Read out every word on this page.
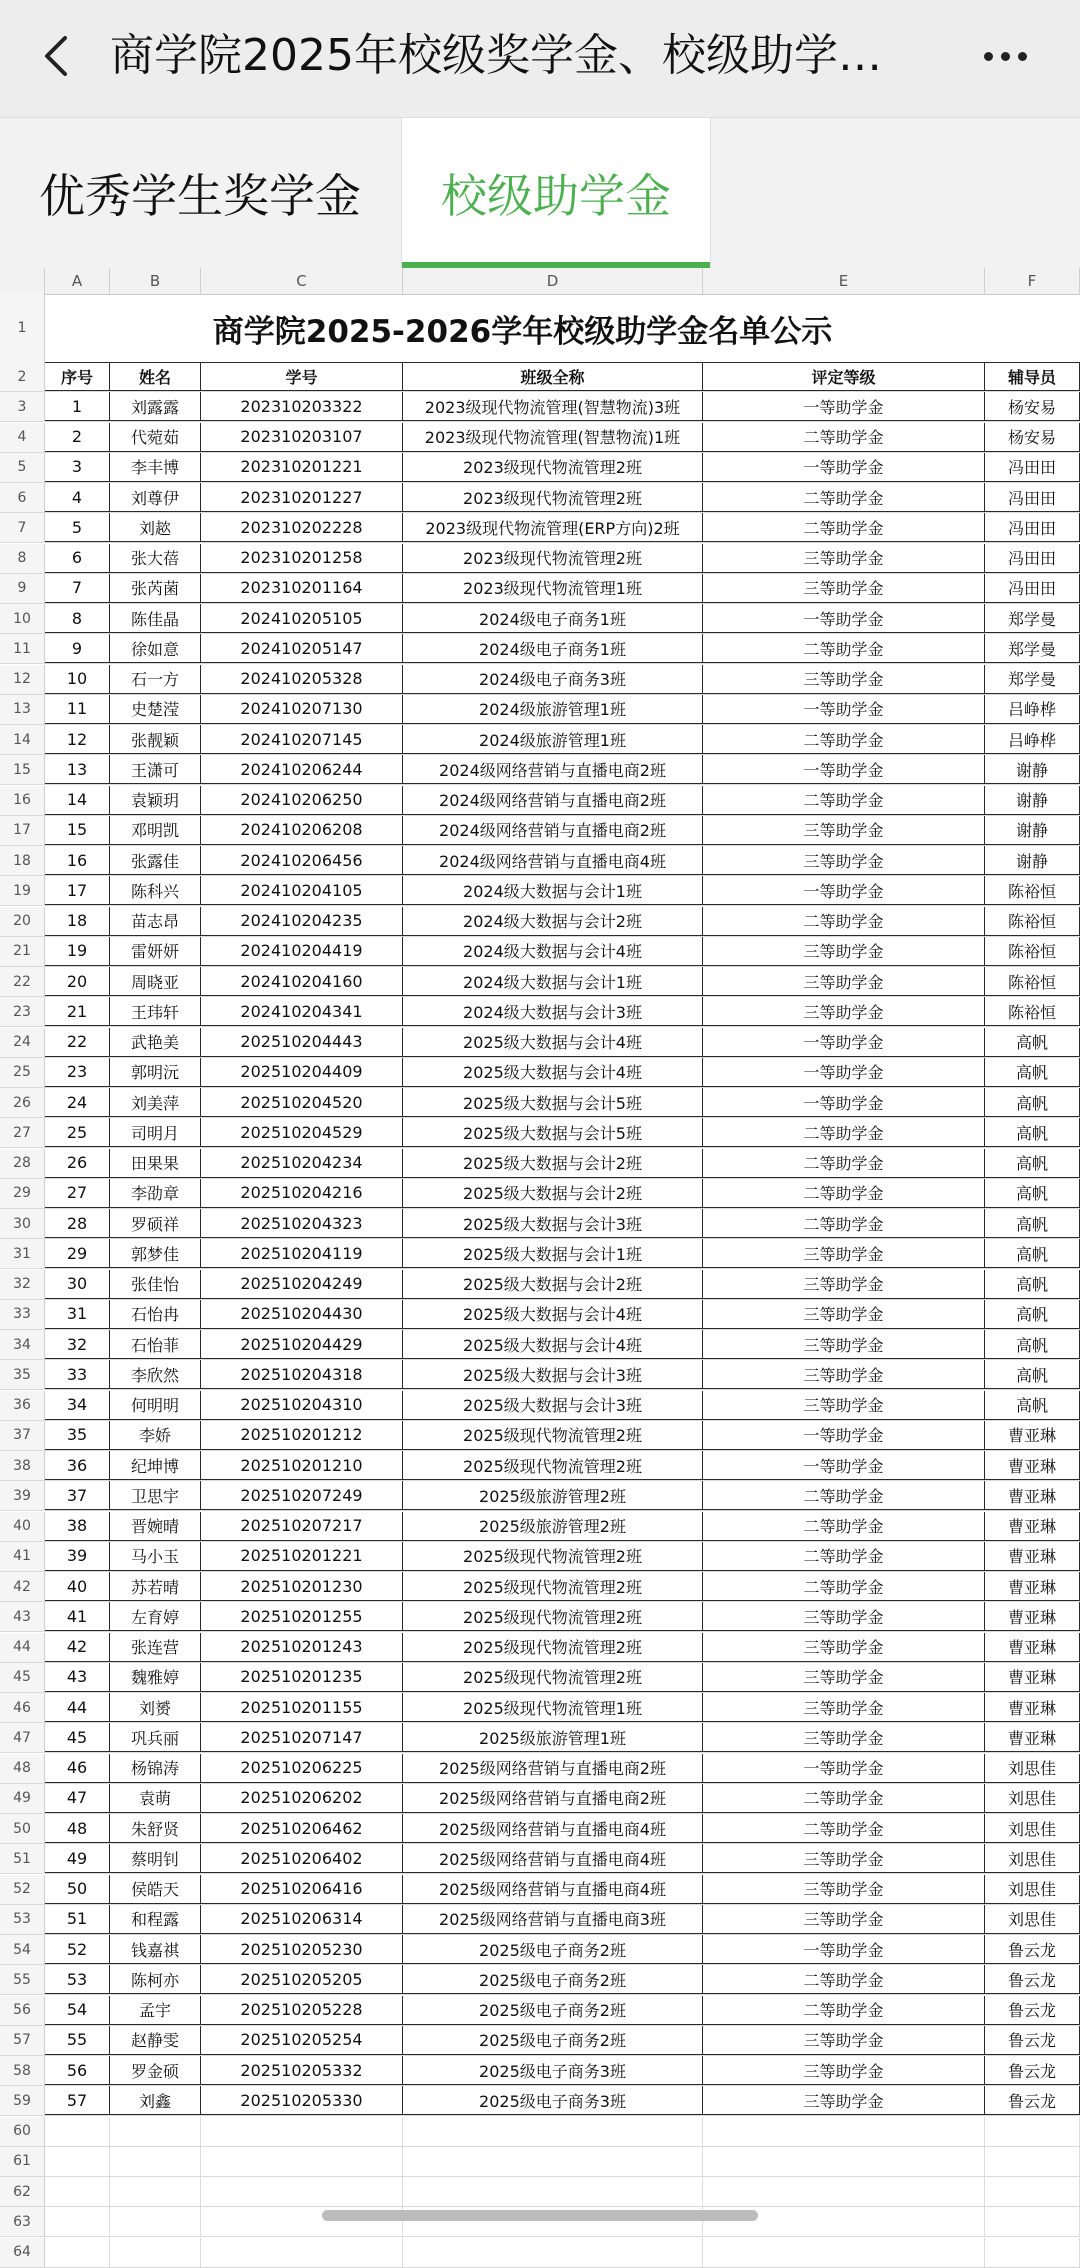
商学院2025年校级奖学金、校级助学…
优秀学生奖学金	校级助学金
A	B	C	D	E	F
1	商学院2025-2026学年校级助学金名单公示
2	序号	姓名	学号	班级全称	评定等级	辅导员
3	1	刘露露	202310203322	2023级现代物流管理(智慧物流)3班	一等助学金	杨安易
4	2	代菀茹	202310203107	2023级现代物流管理(智慧物流)1班	二等助学金	杨安易
5	3	李丰博	202310201221	2023级现代物流管理2班	一等助学金	冯田田
6	4	刘尊伊	202310201227	2023级现代物流管理2班	二等助学金	冯田田
7	5	刘趑	202310202228	2023级现代物流管理(ERP方向)2班	二等助学金	冯田田
8	6	张大蓓	202310201258	2023级现代物流管理2班	三等助学金	冯田田
9	7	张芮菌	202310201164	2023级现代物流管理1班	三等助学金	冯田田
10	8	陈佳晶	202410205105	2024级电子商务1班	一等助学金	郑学曼
11	9	徐如意	202410205147	2024级电子商务1班	二等助学金	郑学曼
12	10	石一方	202410205328	2024级电子商务3班	三等助学金	郑学曼
13	11	史楚滢	202410207130	2024级旅游管理1班	一等助学金	吕峥桦
14	12	张靓颖	202410207145	2024级旅游管理1班	二等助学金	吕峥桦
15	13	王潇可	202410206244	2024级网络营销与直播电商2班	一等助学金	谢静
16	14	袁颖玥	202410206250	2024级网络营销与直播电商2班	二等助学金	谢静
17	15	邓明凯	202410206208	2024级网络营销与直播电商2班	三等助学金	谢静
18	16	张露佳	202410206456	2024级网络营销与直播电商4班	三等助学金	谢静
19	17	陈科兴	202410204105	2024级大数据与会计1班	一等助学金	陈裕恒
20	18	苗志昂	202410204235	2024级大数据与会计2班	二等助学金	陈裕恒
21	19	雷妍妍	202410204419	2024级大数据与会计4班	三等助学金	陈裕恒
22	20	周晓亚	202410204160	2024级大数据与会计1班	三等助学金	陈裕恒
23	21	王玮轩	202410204341	2024级大数据与会计3班	三等助学金	陈裕恒
24	22	武艳美	202510204443	2025级大数据与会计4班	一等助学金	高帆
25	23	郭明沅	202510204409	2025级大数据与会计4班	一等助学金	高帆
26	24	刘美萍	202510204520	2025级大数据与会计5班	一等助学金	高帆
27	25	司明月	202510204529	2025级大数据与会计5班	二等助学金	高帆
28	26	田果果	202510204234	2025级大数据与会计2班	二等助学金	高帆
29	27	李劭章	202510204216	2025级大数据与会计2班	二等助学金	高帆
30	28	罗硕祥	202510204323	2025级大数据与会计3班	二等助学金	高帆
31	29	郭梦佳	202510204119	2025级大数据与会计1班	三等助学金	高帆
32	30	张佳怡	202510204249	2025级大数据与会计2班	三等助学金	高帆
33	31	石怡冉	202510204430	2025级大数据与会计4班	三等助学金	高帆
34	32	石怡菲	202510204429	2025级大数据与会计4班	三等助学金	高帆
35	33	李欣然	202510204318	2025级大数据与会计3班	三等助学金	高帆
36	34	何明明	202510204310	2025级大数据与会计3班	三等助学金	高帆
37	35	李娇	202510201212	2025级现代物流管理2班	一等助学金	曹亚琳
38	36	纪坤博	202510201210	2025级现代物流管理2班	一等助学金	曹亚琳
39	37	卫思宇	202510207249	2025级旅游管理2班	二等助学金	曹亚琳
40	38	晋婉晴	202510207217	2025级旅游管理2班	二等助学金	曹亚琳
41	39	马小玉	202510201221	2025级现代物流管理2班	二等助学金	曹亚琳
42	40	苏若晴	202510201230	2025级现代物流管理2班	二等助学金	曹亚琳
43	41	左育婷	202510201255	2025级现代物流管理2班	三等助学金	曹亚琳
44	42	张连营	202510201243	2025级现代物流管理2班	三等助学金	曹亚琳
45	43	魏雅婷	202510201235	2025级现代物流管理2班	三等助学金	曹亚琳
46	44	刘赟	202510201155	2025级现代物流管理1班	三等助学金	曹亚琳
47	45	巩兵丽	202510207147	2025级旅游管理1班	三等助学金	曹亚琳
48	46	杨锦涛	202510206225	2025级网络营销与直播电商2班	一等助学金	刘思佳
49	47	袁萌	202510206202	2025级网络营销与直播电商2班	二等助学金	刘思佳
50	48	朱舒贤	202510206462	2025级网络营销与直播电商4班	二等助学金	刘思佳
51	49	蔡明钊	202510206402	2025级网络营销与直播电商4班	三等助学金	刘思佳
52	50	侯皓天	202510206416	2025级网络营销与直播电商4班	三等助学金	刘思佳
53	51	和程露	202510206314	2025级网络营销与直播电商3班	三等助学金	刘思佳
54	52	钱嘉祺	202510205230	2025级电子商务2班	一等助学金	鲁云龙
55	53	陈柯亦	202510205205	2025级电子商务2班	二等助学金	鲁云龙
56	54	孟宇	202510205228	2025级电子商务2班	二等助学金	鲁云龙
57	55	赵静雯	202510205254	2025级电子商务2班	三等助学金	鲁云龙
58	56	罗金硕	202510205332	2025级电子商务3班	三等助学金	鲁云龙
59	57	刘鑫	202510205330	2025级电子商务3班	三等助学金	鲁云龙
60
61
62
63
64
